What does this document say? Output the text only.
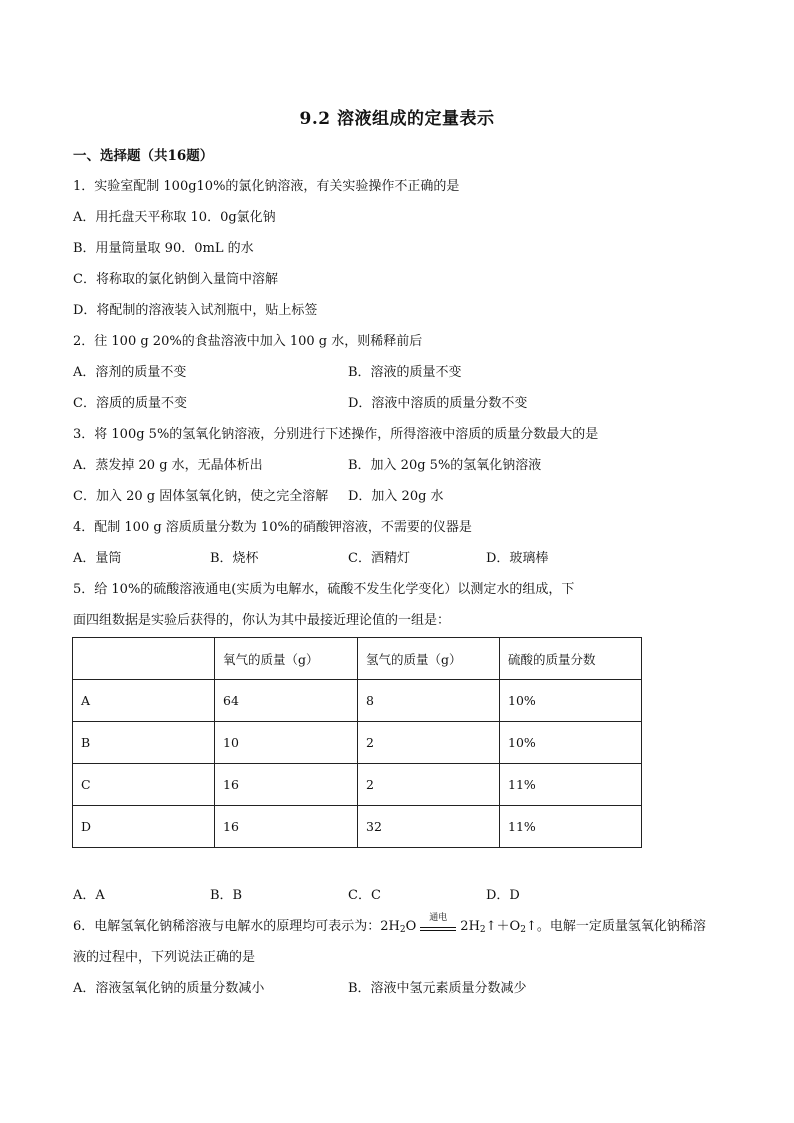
9.2 溶液组成的定量表示
一、选择题（共16题）
1．实验室配制 100g10%的氯化钠溶液，有关实验操作不正确的是
A．用托盘天平称取 10．0g氯化钠
B．用量筒量取 90．0mL 的水
C．将称取的氯化钠倒入量筒中溶解
D．将配制的溶液装入试剂瓶中，贴上标签
2．往 100 g 20%的食盐溶液中加入 100 g 水，则稀释前后
A．溶剂的质量不变	B．溶液的质量不变
C．溶质的质量不变	D．溶液中溶质的质量分数不变
3．将 100g 5%的氢氧化钠溶液，分别进行下述操作，所得溶液中溶质的质量分数最大的是
A．蒸发掉 20 g 水，无晶体析出	B．加入 20g 5%的氢氧化钠溶液
C．加入 20 g 固体氢氧化钠，使之完全溶解 D．加入 20g 水
4．配制 100 g 溶质质量分数为 10%的硝酸钾溶液，不需要的仪器是
A．量筒	B．烧杯	C．酒精灯	D．玻璃棒
5．给 10%的硫酸溶液通电(实质为电解水，硫酸不发生化学变化）以测定水的组成，下
面四组数据是实验后获得的，你认为其中最接近理论值的一组是：
	氧气的质量（g）	氢气的质量（g）	硫酸的质量分数
A	64	8	10%
B	10	2	10%
C	16	2	11%
D	16	32	11%
A．A	B．B	C．C	D．D
6．电解氢氧化钠稀溶液与电解水的原理均可表示为：$2H_2O$
通电
$2H_2↑+O_2↑$。电解一定质量氢氧化钠稀溶
液的过程中，下列说法正确的是
A．溶液氢氧化钠的质量分数减小	B．溶液中氢元素质量分数减少
